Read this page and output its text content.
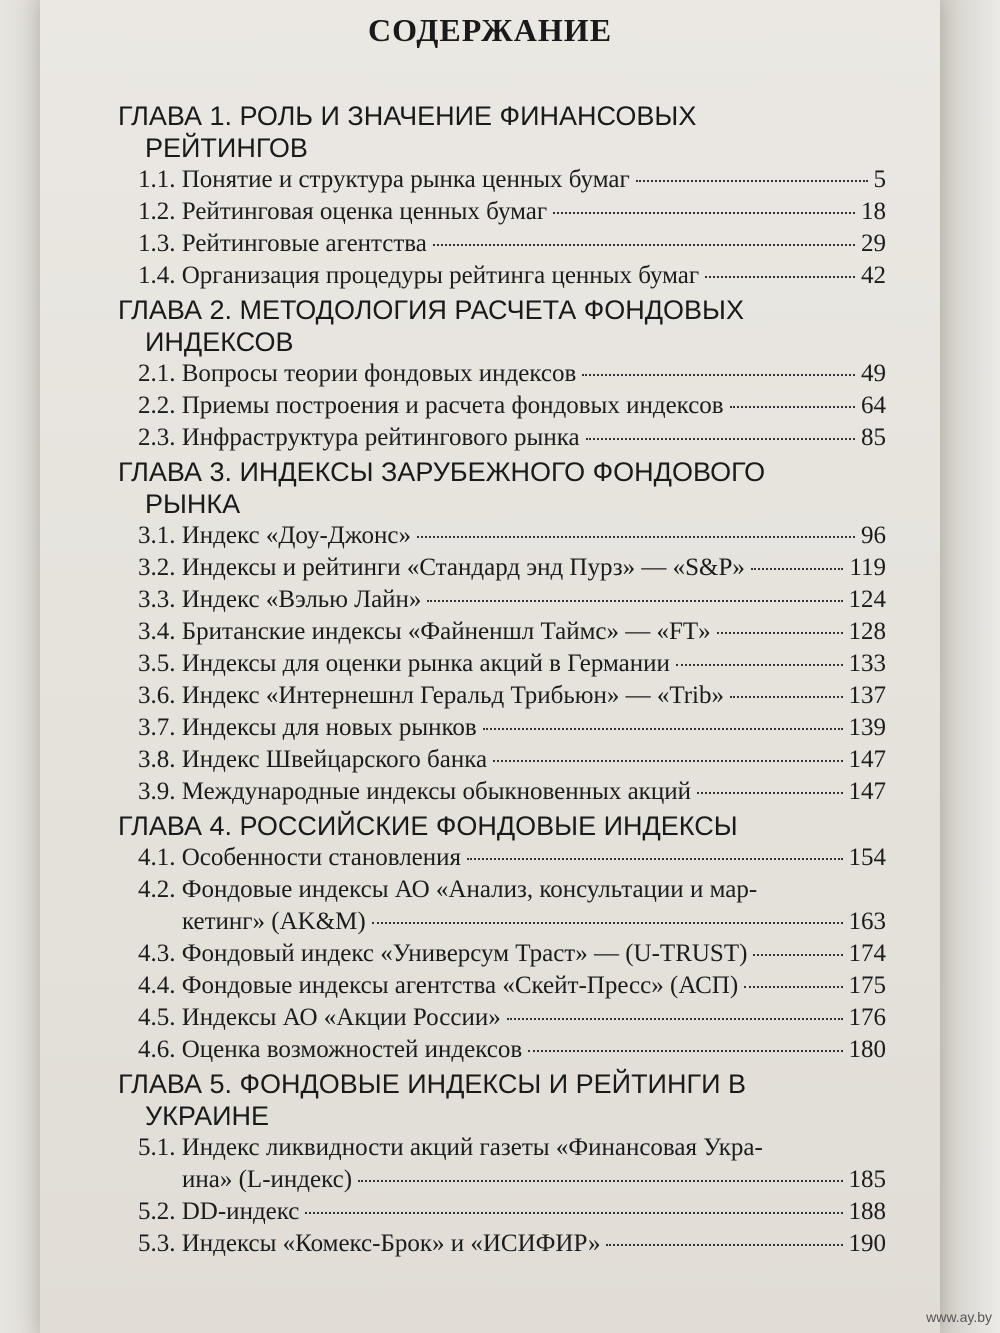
СОДЕРЖАНИЕ
ГЛАВА 1. РОЛЬ И ЗНАЧЕНИЕ ФИНАНСОВЫХ
РЕЙТИНГОВ
1.1. Понятие и структура рынка ценных бумаг	5
1.2. Рейтинговая оценка ценных бумаг	18
1.3. Рейтинговые агентства	29
1.4. Организация процедуры рейтинга ценных бумаг	42
ГЛАВА 2. МЕТОДОЛОГИЯ РАСЧЕТА ФОНДОВЫХ
ИНДЕКСОВ
2.1. Вопросы теории фондовых индексов	49
2.2. Приемы построения и расчета фондовых индексов	64
2.3. Инфраструктура рейтингового рынка	85
ГЛАВА 3. ИНДЕКСЫ ЗАРУБЕЖНОГО ФОНДОВОГО
РЫНКА
3.1. Индекс «Доу-Джонс»	96
3.2. Индексы и рейтинги «Стандард энд Пурз» — «S&P»	119
3.3. Индекс «Вэлью Лайн»	124
3.4. Британские индексы «Файненшл Таймс» — «FT»	128
3.5. Индексы для оценки рынка акций в Германии	133
3.6. Индекс «Интернешнл Геральд Трибьюн» — «Trib»	137
3.7. Индексы для новых рынков	139
3.8. Индекс Швейцарского банка	147
3.9. Международные индексы обыкновенных акций	147
ГЛАВА 4. РОССИЙСКИЕ ФОНДОВЫЕ ИНДЕКСЫ
4.1. Особенности становления	154
4.2. Фондовые индексы АО «Анализ, консультации и мар-
кетинг» (AK&M)	163
4.3. Фондовый индекс «Универсум Траст» — (U-TRUST)	174
4.4. Фондовые индексы агентства «Скейт-Пресс» (АСП)	175
4.5. Индексы АО «Акции России»	176
4.6. Оценка возможностей индексов	180
ГЛАВА 5. ФОНДОВЫЕ ИНДЕКСЫ И РЕЙТИНГИ В
УКРАИНЕ
5.1. Индекс ликвидности акций газеты «Финансовая Укра-
ина» (L-индекс)	185
5.2. DD-индекс	188
5.3. Индексы «Комекс-Брок» и «ИСИФИР»	190
www.ay.by
